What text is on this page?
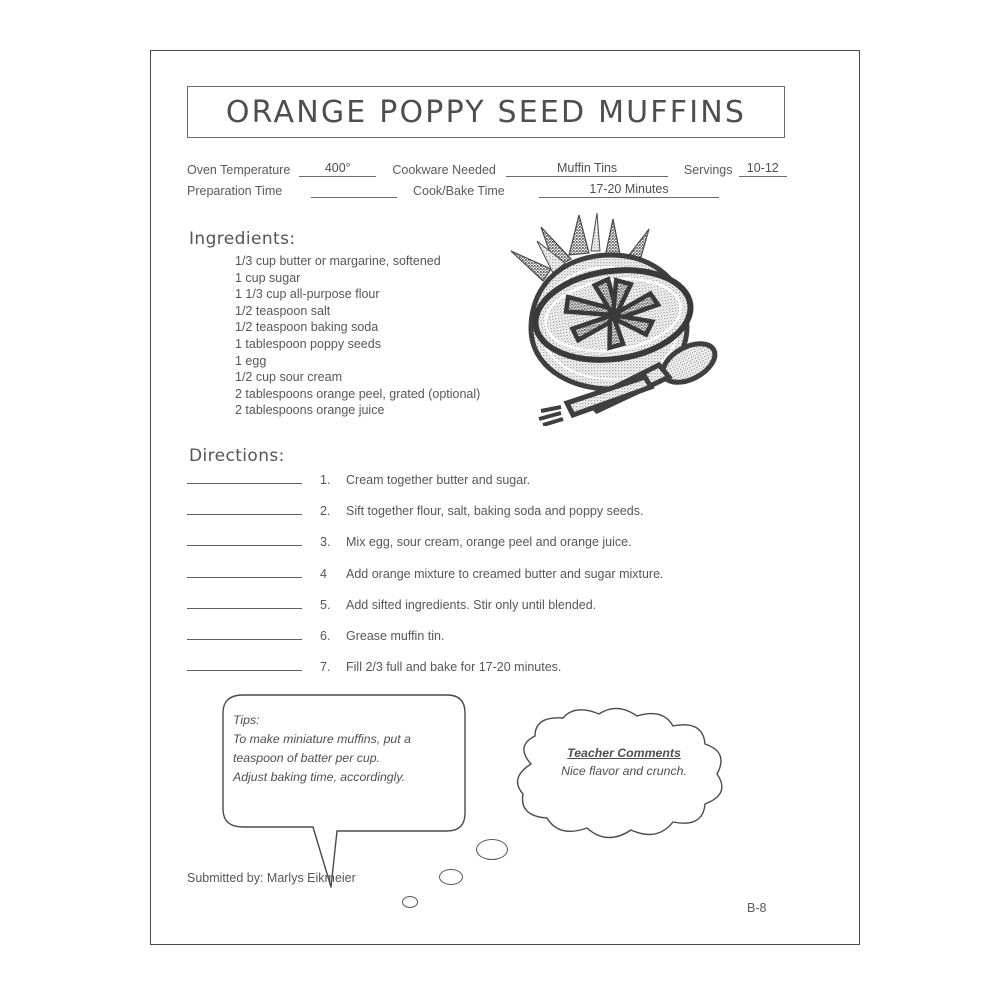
ORANGE POPPY SEED MUFFINS
Oven Temperature	400°	Cookware Needed	Muffin Tins	Servings	10-12
Preparation Time	Cook/Bake Time	17-20 Minutes
Ingredients:
1/3 cup butter or margarine, softened
1 cup sugar
1 1/3 cup all-purpose flour
1/2 teaspoon salt
1/2 teaspoon baking soda
1 tablespoon poppy seeds
1 egg
1/2 cup sour cream
2 tablespoons orange peel, grated (optional)
2 tablespoons orange juice
Directions:
1.	Cream together butter and sugar.
2.	Sift together flour, salt, baking soda and poppy seeds.
3.	Mix egg, sour cream, orange peel and orange juice.
4	Add orange mixture to creamed butter and sugar mixture.
5.	Add sifted ingredients. Stir only until blended.
6.	Grease muffin tin.
7.	Fill 2/3 full and bake for 17-20 minutes.
Tips:
To make miniature muffins, put a
teaspoon of batter per cup.
Adjust baking time, accordingly.
Teacher Comments
Nice flavor and crunch.
Submitted by: Marlys Eikmeier
B-8
